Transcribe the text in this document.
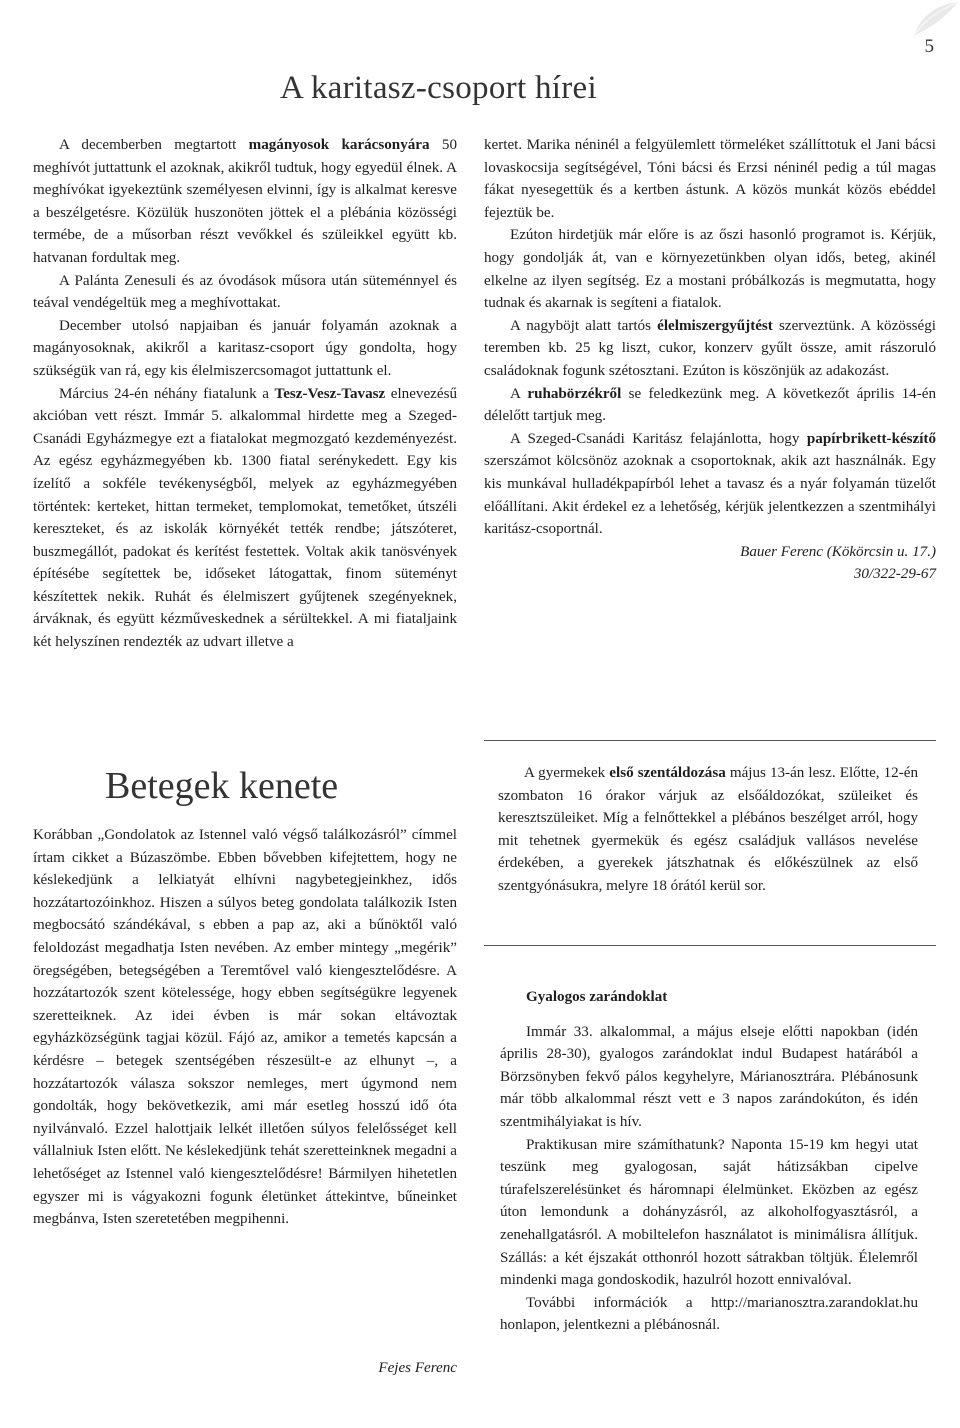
5
A karitasz-csoport hírei

A decemberben megtartott magányosok karácsonyára 50 meghívót juttattunk el azoknak, akikről tudtuk, hogy egyedül élnek. A meghívókat igyekeztünk személyesen elvinni, így is alkalmat keresve a beszélgetésre. Közülük huszonöten jöttek el a plébánia közösségi termébe, de a műsorban részt vevőkkel és szüleikkel együtt kb. hatvanan fordultak meg.

A Palánta Zenesuli és az óvodások műsora után süteménnyel és teával vendégeltük meg a meghívottakat.

December utolsó napjaiban és január folyamán azoknak a magányosoknak, akikről a karitasz-csoport úgy gondolta, hogy szükségük van rá, egy kis élelmiszercsomagot juttattunk el.

Március 24-én néhány fiatalunk a Tesz-Vesz-Tavasz elnevezésű akcióban vett részt. Immár 5. alkalommal hirdette meg a Szeged-Csanádi Egyházmegye ezt a fiatalokat megmozgató kezdeményezést. Az egész egyházmegyében kb. 1300 fiatal serénykedett. Egy kis ízelítő a sokféle tevékenységből, melyek az egyházmegyében történtek: kerteket, hittan termeket, templomokat, temetőket, útszéli kereszteket, és az iskolák környékét tették rendbe; játszóteret, buszmegállót, padokat és kerítést festettek. Voltak akik tanösvények építésébe segítettek be, időseket látogattak, finom süteményt készítettek nekik. Ruhát és élelmiszert gyűjtenek szegényeknek, árváknak, és együtt kézműveskednek a sérültekkel. A mi fiataljaink két helyszínen rendezték az udvart illetve a

kertet. Marika néninél a felgyülemlett törmeléket szállíttotuk el Jani bácsi lovaskocsija segítségével, Tóni bácsi és Erzsi néninél pedig a túl magas fákat nyesegettük és a kertben ástunk. A közös munkát közös ebéddel fejeztük be.

Ezúton hirdetjük már előre is az őszi hasonló programot is. Kérjük, hogy gondolják át, van e környezetünkben olyan idős, beteg, akinél elkelne az ilyen segítség. Ez a mostani próbálkozás is megmutatta, hogy tudnak és akarnak is segíteni a fiatalok.

A nagyböjt alatt tartós élelmiszergyűjtést szerveztünk. A közösségi teremben kb. 25 kg liszt, cukor, konzerv gyűlt össze, amit rászoruló családoknak fogunk szétosztani. Ezúton is köszönjük az adakozást.

A ruhabörzékről se feledkezünk meg. A következőt április 14-én délelőtt tartjuk meg.

A Szeged-Csanádi Karitász felajánlotta, hogy papírbrikett-készítő szerszámot kölcsönöz azoknak a csoportoknak, akik azt használnák. Egy kis munkával hulladékpapírból lehet a tavasz és a nyár folyamán tüzelőt előállítani. Akit érdekel ez a lehetőség, kérjük jelentkezzen a szentmihályi karitász-csoportnál.

Bauer Ferenc (Kökörcsin u. 17.)

30/322-29-67

Betegek kenete

Korábban „Gondolatok az Istennel való végső találkozásról” címmel írtam cikket a Búzaszömbe. Ebben bővebben kifejtettem, hogy ne késlekedjünk a lelkiatyát elhívni nagybetegjeinkhez, idős hozzátartozóinkhoz. Hiszen a súlyos beteg gondolata találkozik Isten megbocsátó szándékával, s ebben a pap az, aki a bűnöktől való feloldozást megadhatja Isten nevében. Az ember mintegy „megérik” öregségében, betegségében a Teremtővel való kiengesztelődésre. A hozzátartozók szent kötelessége, hogy ebben segítségükre legyenek szeretteiknek. Az idei évben is már sokan eltávoztak egyházközségünk tagjai közül. Fájó az, amikor a temetés kapcsán a kérdésre – betegek szentségében részesült-e az elhunyt –, a hozzátartozók válasza sokszor nemleges, mert úgymond nem gondolták, hogy bekövetkezik, ami már esetleg hosszú idő óta nyilvánvaló. Ezzel halottjaik lelkét illetően súlyos felelősséget kell vállalniuk Isten előtt. Ne késlekedjünk tehát szeretteinknek megadni a lehetőséget az Istennel való kiengesztelődésre! Bármilyen hihetetlen egyszer mi is vágyakozni fogunk életünket áttekintve, bűneinket megbánva, Isten szeretetében megpihenni.

Fejes Ferenc

A gyermekek első szentáldozása május 13-án lesz. Előtte, 12-én szombaton 16 órakor várjuk az elsőáldozókat, szüleiket és keresztszüleiket. Míg a felnőttekkel a plébános beszélget arról, hogy mit tehetnek gyermekük és egész családjuk vallásos nevelése érdekében, a gyerekek játszhatnak és előkészülnek az első szentgyónásukra, melyre 18 órától kerül sor.

Gyalogos zarándoklat

Immár 33. alkalommal, a május elseje előtti napokban (idén április 28-30), gyalogos zarándoklat indul Budapest határából a Börzsönyben fekvő pálos kegyhelyre, Márianosztrára. Plébánosunk már több alkalommal részt vett e 3 napos zarándokúton, és idén szentmihályiakat is hív.

Praktikusan mire számíthatunk? Naponta 15-19 km hegyi utat teszünk meg gyalogosan, saját hátizsákban cipelve túrafelszerelésünket és háromnapi élelmünket. Eközben az egész úton lemondunk a dohányzásról, az alkoholfogyasztásról, a zenehallgatásról. A mobiltelefon használatot is minimálisra állítjuk. Szállás: a két éjszakát otthonról hozott sátrakban töltjük. Élelemről mindenki maga gondoskodik, hazulról hozott ennivalóval.

További információk a http://marianosztra.zarandoklat.hu honlapon, jelentkezni a plébánosnál.
